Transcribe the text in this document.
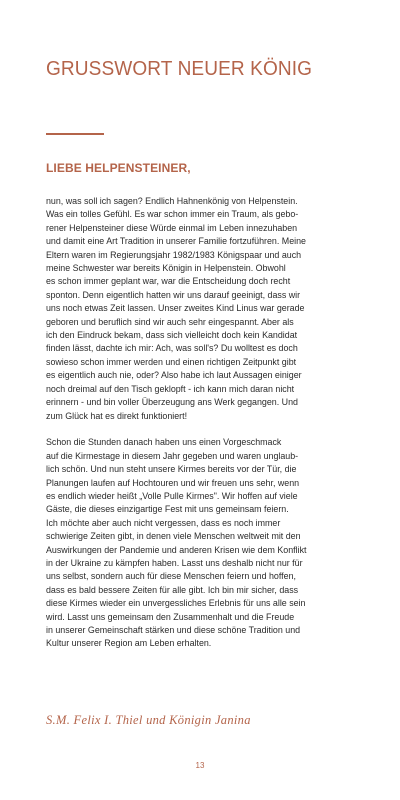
GRUSSWORT NEUER KÖNIG
LIEBE HELPENSTEINER,

nun, was soll ich sagen? Endlich Hahnenkönig von Helpenstein.
Was ein tolles Gefühl. Es war schon immer ein Traum, als gebo-
rener Helpensteiner diese Würde einmal im Leben innezuhaben
und damit eine Art Tradition in unserer Familie fortzuführen. Meine
Eltern waren im Regierungsjahr 1982/1983 Königspaar und auch
meine Schwester war bereits Königin in Helpenstein. Obwohl
es schon immer geplant war, war die Entscheidung doch recht
sponton. Denn eigentlich hatten wir uns darauf geeinigt, dass wir
uns noch etwas Zeit lassen. Unser zweites Kind Linus war gerade
geboren und beruflich sind wir auch sehr eingespannt. Aber als
ich den Eindruck bekam, dass sich vielleicht doch kein Kandidat
finden lässt, dachte ich mir: Ach, was soll's? Du wolltest es doch
sowieso schon immer werden und einen richtigen Zeitpunkt gibt
es eigentlich auch nie, oder? Also habe ich laut Aussagen einiger
noch dreimal auf den Tisch geklopft - ich kann mich daran nicht
erinnern - und bin voller Überzeugung ans Werk gegangen. Und
zum Glück hat es direkt funktioniert!

Schon die Stunden danach haben uns einen Vorgeschmack
auf die Kirmestage in diesem Jahr gegeben und waren unglaub-
lich schön. Und nun steht unsere Kirmes bereits vor der Tür, die
Planungen laufen auf Hochtouren und wir freuen uns sehr, wenn
es endlich wieder heißt „Volle Pulle Kirmes". Wir hoffen auf viele
Gäste, die dieses einzigartige Fest mit uns gemeinsam feiern.
Ich möchte aber auch nicht vergessen, dass es noch immer
schwierige Zeiten gibt, in denen viele Menschen weltweit mit den
Auswirkungen der Pandemie und anderen Krisen wie dem Konflikt
in der Ukraine zu kämpfen haben. Lasst uns deshalb nicht nur für
uns selbst, sondern auch für diese Menschen feiern und hoffen,
dass es bald bessere Zeiten für alle gibt. Ich bin mir sicher, dass
diese Kirmes wieder ein unvergessliches Erlebnis für uns alle sein
wird. Lasst uns gemeinsam den Zusammenhalt und die Freude
in unserer Gemeinschaft stärken und diese schöne Tradition und
Kultur unserer Region am Leben erhalten.

S.M. Felix I. Thiel und Königin Janina

13
